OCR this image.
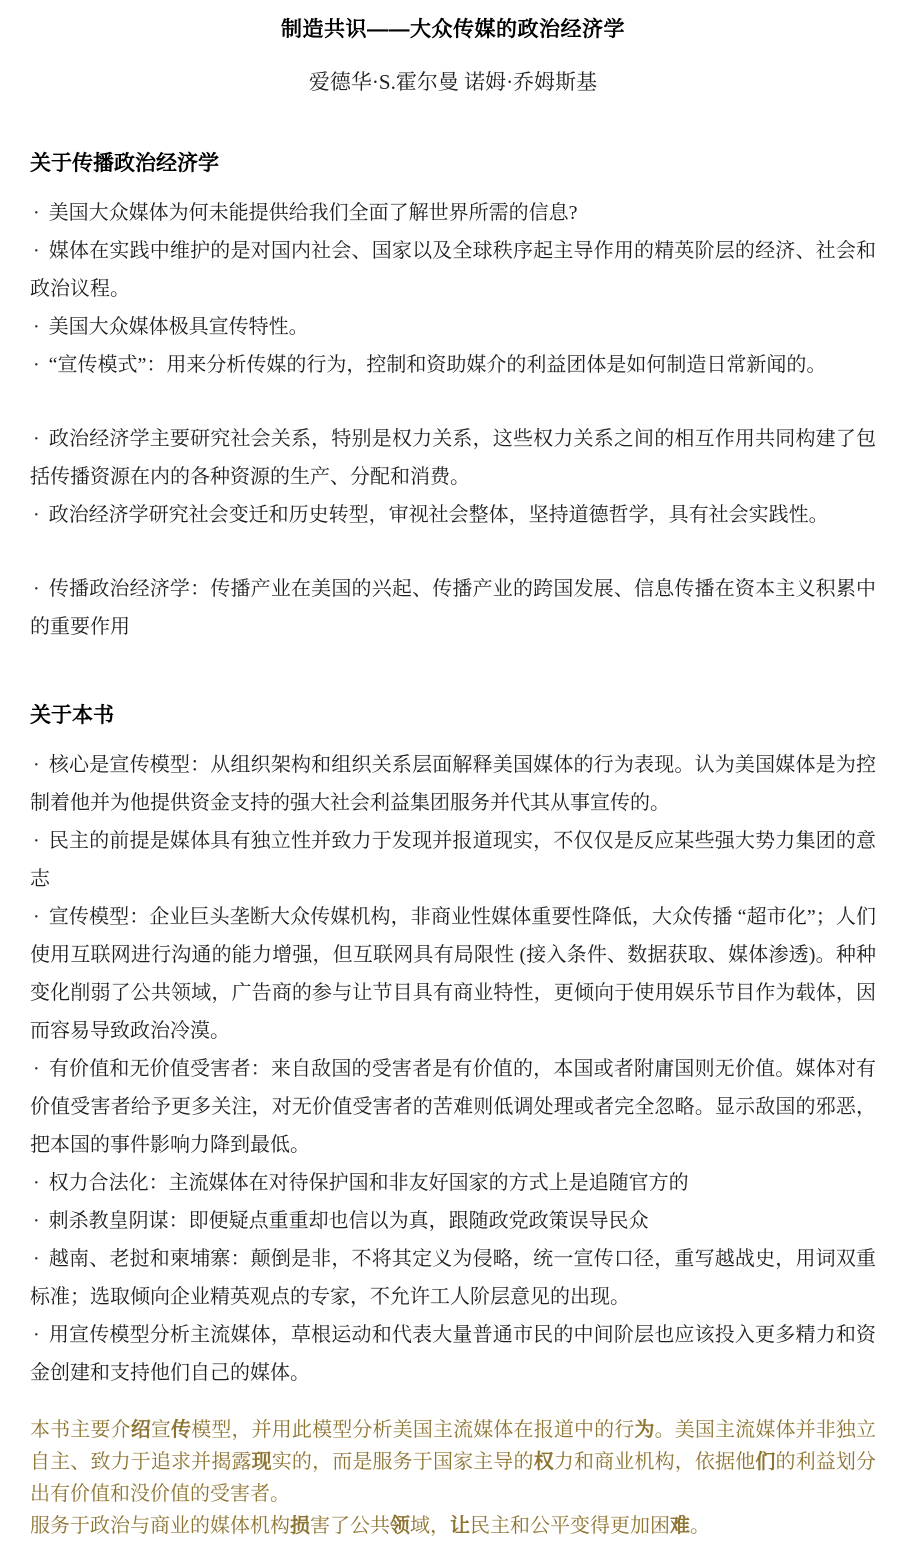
制造共识——大众传媒的政治经济学
爱德华·S.霍尔曼 诺姆·乔姆斯基
关于传播政治经济学

· 美国大众媒体为何未能提供给我们全面了解世界所需的信息?

· 媒体在实践中维护的是对国内社会、国家以及全球秩序起主导作用的精英阶层的经济、社会和政治议程。

· 美国大众媒体极具宣传特性。

· “宣传模式”：用来分析传媒的行为，控制和资助媒介的利益团体是如何制造日常新闻的。

· 政治经济学主要研究社会关系，特别是权力关系，这些权力关系之间的相互作用共同构建了包括传播资源在内的各种资源的生产、分配和消费。

· 政治经济学研究社会变迁和历史转型，审视社会整体，坚持道德哲学，具有社会实践性。

· 传播政治经济学：传播产业在美国的兴起、传播产业的跨国发展、信息传播在资本主义积累中的重要作用

关于本书

· 核心是宣传模型：从组织架构和组织关系层面解释美国媒体的行为表现。认为美国媒体是为控制着他并为他提供资金支持的强大社会利益集团服务并代其从事宣传的。

· 民主的前提是媒体具有独立性并致力于发现并报道现实，不仅仅是反应某些强大势力集团的意志

· 宣传模型：企业巨头垄断大众传媒机构，非商业性媒体重要性降低，大众传播 “超市化”；人们使用互联网进行沟通的能力增强，但互联网具有局限性 (接入条件、数据获取、媒体渗透)。种种变化削弱了公共领域，广告商的参与让节目具有商业特性，更倾向于使用娱乐节目作为载体，因而容易导致政治冷漠。

· 有价值和无价值受害者：来自敌国的受害者是有价值的，本国或者附庸国则无价值。媒体对有价值受害者给予更多关注，对无价值受害者的苦难则低调处理或者完全忽略。显示敌国的邪恶，把本国的事件影响力降到最低。

· 权力合法化：主流媒体在对待保护国和非友好国家的方式上是追随官方的

· 刺杀教皇阴谋：即便疑点重重却也信以为真，跟随政党政策误导民众

· 越南、老挝和柬埔寨：颠倒是非，不将其定义为侵略，统一宣传口径，重写越战史，用词双重标准；选取倾向企业精英观点的专家，不允许工人阶层意见的出现。

· 用宣传模型分析主流媒体，草根运动和代表大量普通市民的中间阶层也应该投入更多精力和资金创建和支持他们自己的媒体。

本书主要介绍宣传模型，并用此模型分析美国主流媒体在报道中的行为。美国主流媒体并非独立自主、致力于追求并揭露现实的，而是服务于国家主导的权力和商业机构，依据他们的利益划分出有价值和没价值的受害者。

服务于政治与商业的媒体机构损害了公共领域，让民主和公平变得更加困难。
